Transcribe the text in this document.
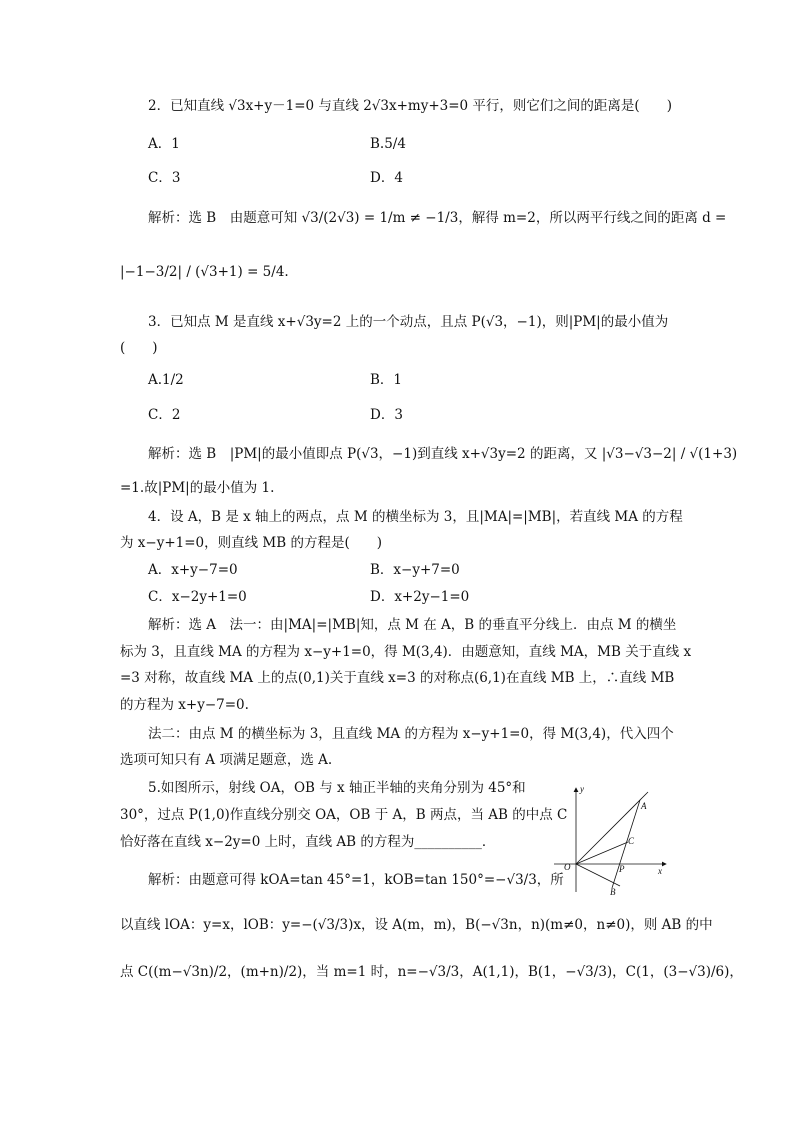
2．已知直线 √3x+y－1=0 与直线 2√3x+my+3=0 平行，则它们之间的距离是(　　)
A．1	B.5/4
C．3	D．4
解析：选 B　由题意可知 √3/(2√3) = 1/m ≠ −1/3，解得 m=2，所以两平行线之间的距离 d =
|−1−3/2| / (√3+1) = 5/4.
3．已知点 M 是直线 x+√3y=2 上的一个动点，且点 P(√3，−1)，则|PM|的最小值为
(　　)
A.1/2	B．1
C．2	D．3
解析：选 B　|PM|的最小值即点 P(√3，−1)到直线 x+√3y=2 的距离，又 |√3−√3−2| / √(1+3)
=1.故|PM|的最小值为 1.
4．设 A，B 是 x 轴上的两点，点 M 的横坐标为 3，且|MA|=|MB|，若直线 MA 的方程
为 x−y+1=0，则直线 MB 的方程是(　　)
A．x+y−7=0	B．x−y+7=0
C．x−2y+1=0	D．x+2y−1=0
解析：选 A　法一：由|MA|=|MB|知，点 M 在 A，B 的垂直平分线上．由点 M 的横坐
标为 3，且直线 MA 的方程为 x−y+1=0，得 M(3,4)．由题意知，直线 MA，MB 关于直线 x
=3 对称，故直线 MA 上的点(0,1)关于直线 x=3 的对称点(6,1)在直线 MB 上，∴直线 MB
的方程为 x+y−7=0.
法二：由点 M 的横坐标为 3，且直线 MA 的方程为 x−y+1=0，得 M(3,4)，代入四个
选项可知只有 A 项满足题意，选 A.
5.如图所示，射线 OA，OB 与 x 轴正半轴的夹角分别为 45°和
30°，过点 P(1,0)作直线分别交 OA，OB 于 A，B 两点，当 AB 的中点 C
恰好落在直线 x−2y=0 上时，直线 AB 的方程为__________．
y
x
O
A
C
P
B
解析：由题意可得 kOA=tan 45°=1，kOB=tan 150°=−√3/3，所
以直线 lOA：y=x，lOB：y=−(√3/3)x，设 A(m，m)，B(−√3n，n)(m≠0，n≠0)，则 AB 的中
点 C((m−√3n)/2，(m+n)/2)，当 m=1 时，n=−√3/3，A(1,1)，B(1，−√3/3)，C(1，(3−√3)/6)，
